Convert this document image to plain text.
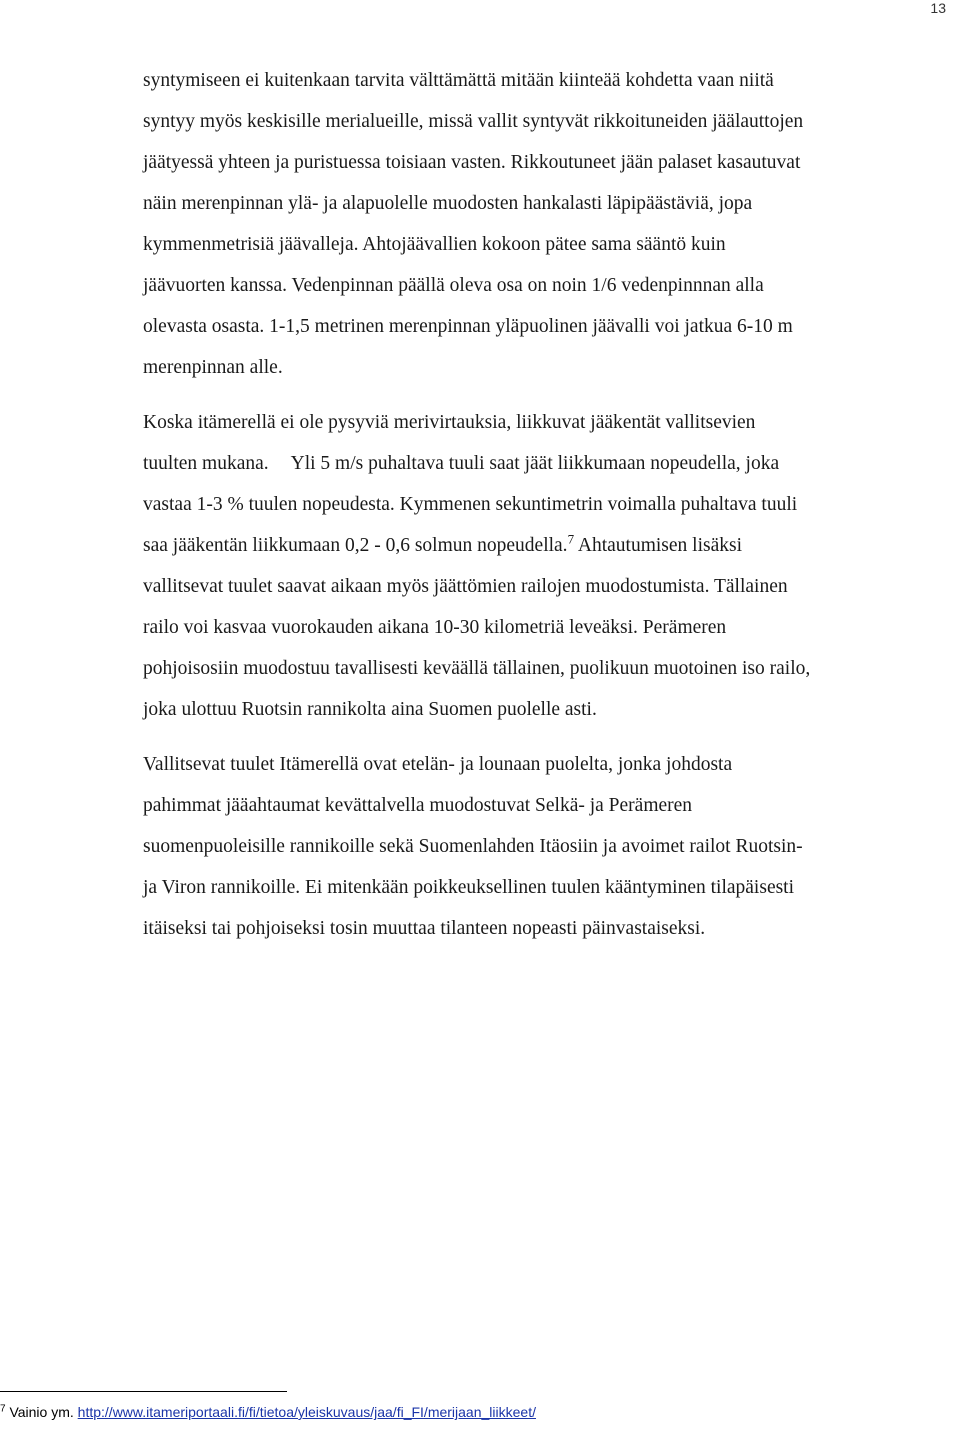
13

syntymiseen ei kuitenkaan tarvita välttämättä mitään kiinteää kohdetta vaan niitä
syntyy myös keskisille merialueille, missä vallit syntyvät rikkoituneiden jäälauttojen
jäätyessä yhteen ja puristuessa toisiaan vasten. Rikkoutuneet jään palaset kasautuvat
näin merenpinnan ylä- ja alapuolelle muodosten hankalasti läpipäästäviä, jopa
kymmenmetrisiä jäävalleja. Ahtojäävallien kokoon pätee sama sääntö kuin
jäävuorten kanssa. Vedenpinnan päällä oleva osa on noin 1/6 vedenpinnnan alla
olevasta osasta. 1-1,5 metrinen merenpinnan yläpuolinen jäävalli voi jatkua 6-10 m
merenpinnan alle.

Koska itämerellä ei ole pysyviä merivirtauksia, liikkuvat jääkentät vallitsevien
tuulten mukana. Yli 5 m/s puhaltava tuuli saat jäät liikkumaan nopeudella, joka
vastaa 1-3 % tuulen nopeudesta. Kymmenen sekuntimetrin voimalla puhaltava tuuli
saa jääkentän liikkumaan 0,2 - 0,6 solmun nopeudella.$^7$ Ahtautumisen lisäksi
vallitsevat tuulet saavat aikaan myös jäättömien railojen muodostumista. Tällainen
railo voi kasvaa vuorokauden aikana 10-30 kilometriä leveäksi. Perämeren
pohjoisosiin muodostuu tavallisesti keväällä tällainen, puolikuun muotoinen iso railo,
joka ulottuu Ruotsin rannikolta aina Suomen puolelle asti.

Vallitsevat tuulet Itämerellä ovat etelän- ja lounaan puolelta, jonka johdosta
pahimmat jääahtaumat kevättalvella muodostuvat Selkä- ja Perämeren
suomenpuoleisille rannikoille sekä Suomenlahden Itäosiin ja avoimet railot Ruotsin-
ja Viron rannikoille. Ei mitenkään poikkeuksellinen tuulen kääntyminen tilapäisesti
itäiseksi tai pohjoiseksi tosin muuttaa tilanteen nopeasti päinvastaiseksi.

$^7$ Vainio ym. http://www.itameriportaali.fi/fi/tietoa/yleiskuvaus/jaa/fi_FI/merijaan_liikkeet/
